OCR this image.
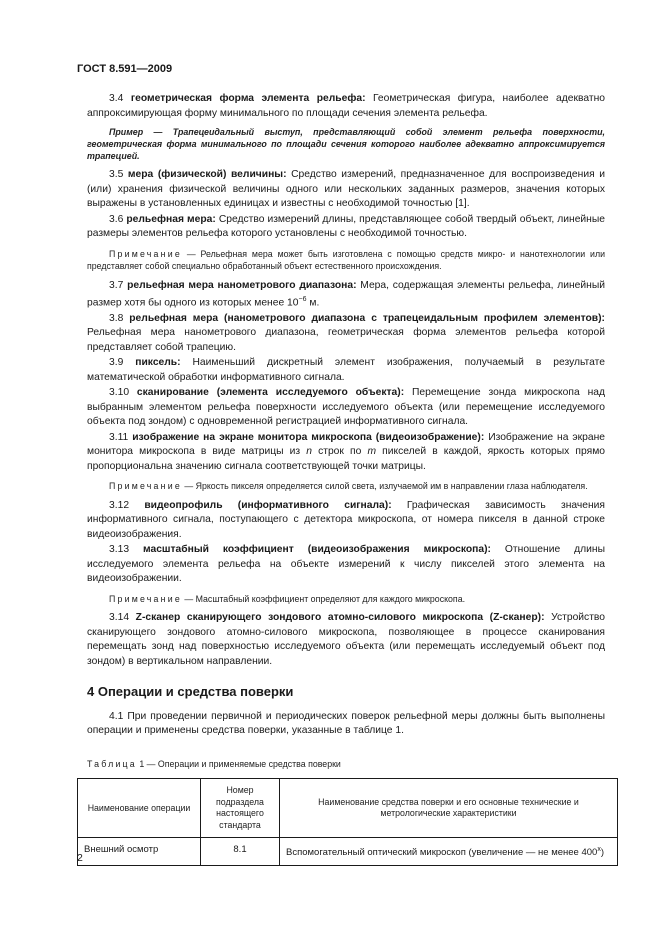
ГОСТ 8.591—2009

3.4 геометрическая форма элемента рельефа: Геометрическая фигура, наиболее адекватно аппроксимирующая форму минимального по площади сечения элемента рельефа.

Пример — Трапецеидальный выступ, представляющий собой элемент рельефа поверхности, геометрическая форма минимального по площади сечения которого наиболее адекватно аппроксимируется трапецией.

3.5 мера (физической) величины: Средство измерений, предназначенное для воспроизведения и (или) хранения физической величины одного или нескольких заданных размеров, значения которых выражены в установленных единицах и известны с необходимой точностью [1].

3.6 рельефная мера: Средство измерений длины, представляющее собой твердый объект, линейные размеры элементов рельефа которого установлены с необходимой точностью.

Примечание — Рельефная мера может быть изготовлена с помощью средств микро- и нанотехнологии или представляет собой специально обработанный объект естественного происхождения.

3.7 рельефная мера нанометрового диапазона: Мера, содержащая элементы рельефа, линейный размер хотя бы одного из которых менее $10^{-6}$ м.

3.8 рельефная мера (нанометрового диапазона с трапецеидальным профилем элементов): Рельефная мера нанометрового диапазона, геометрическая форма элементов рельефа которой представляет собой трапецию.

3.9 пиксель: Наименьший дискретный элемент изображения, получаемый в результате математической обработки информативного сигнала.

3.10 сканирование (элемента исследуемого объекта): Перемещение зонда микроскопа над выбранным элементом рельефа поверхности исследуемого объекта (или перемещение исследуемого объекта под зондом) с одновременной регистрацией информативного сигнала.

3.11 изображение на экране монитора микроскопа (видеоизображение): Изображение на экране монитора микроскопа в виде матрицы из n строк по m пикселей в каждой, яркость которых прямо пропорциональна значению сигнала соответствующей точки матрицы.

Примечание — Яркость пикселя определяется силой света, излучаемой им в направлении глаза наблюдателя.

3.12 видеопрофиль (информативного сигнала): Графическая зависимость значения информативного сигнала, поступающего с детектора микроскопа, от номера пикселя в данной строке видеоизображения.

3.13 масштабный коэффициент (видеоизображения микроскопа): Отношение длины исследуемого элемента рельефа на объекте измерений к числу пикселей этого элемента на видеоизображении.

Примечание — Масштабный коэффициент определяют для каждого микроскопа.

3.14 Z-сканер сканирующего зондового атомно-силового микроскопа (Z-сканер): Устройство сканирующего зондового атомно-силового микроскопа, позволяющее в процессе сканирования перемещать зонд над поверхностью исследуемого объекта (или перемещать исследуемый объект под зондом) в вертикальном направлении.

4 Операции и средства поверки

4.1 При проведении первичной и периодических поверок рельефной меры должны быть выполнены операции и применены средства поверки, указанные в таблице 1.

Таблица 1 — Операции и применяемые средства поверки
Наименование операции	Номер подраздела настоящего стандарта	Наименование средства поверки и его основные технические и метрологические характеристики
Внешний осмотр	8.1	Вспомогательный оптический микроскоп (увеличение — не менее $400^х$)
2
